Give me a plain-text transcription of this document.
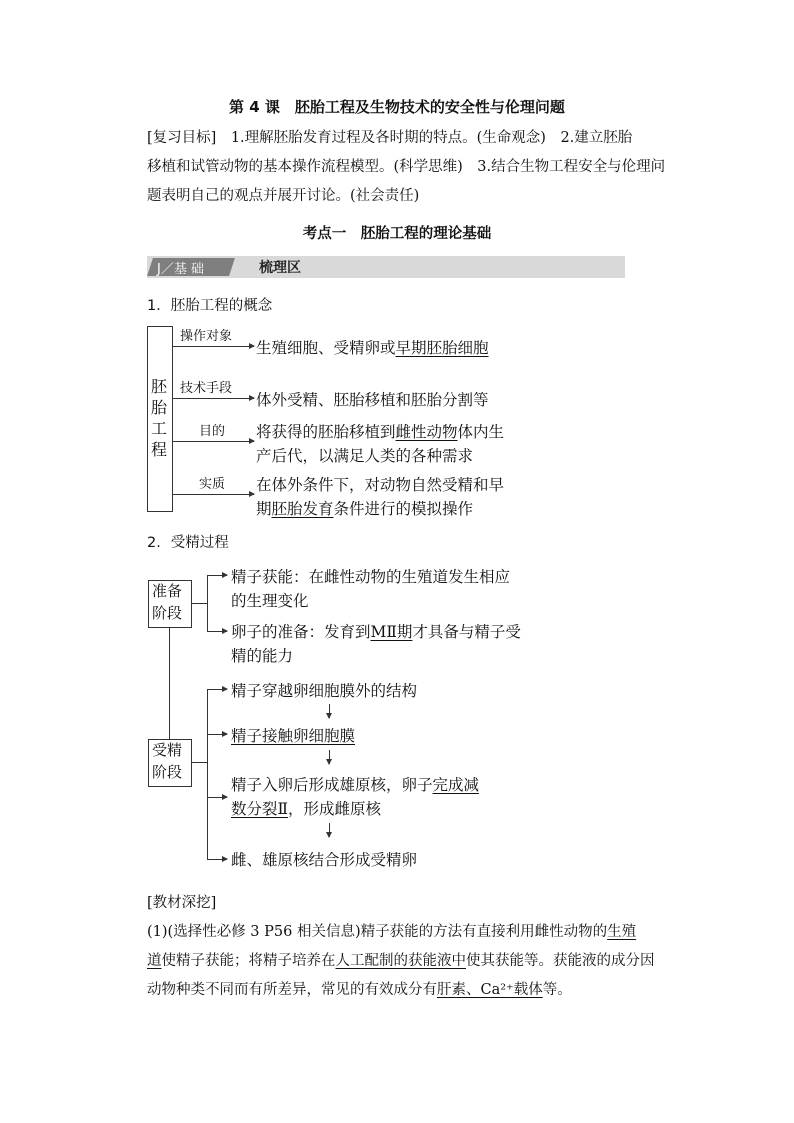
第 4 课　胚胎工程及生物技术的安全性与伦理问题
[复习目标]　1.理解胚胎发育过程及各时期的特点。(生命观念)　2.建立胚胎
移植和试管动物的基本操作流程模型。(科学思维)　3.结合生物工程安全与伦理问
题表明自己的观点并展开讨论。(社会责任)
考点一　胚胎工程的理论基础
J／基 础	梳理区
1．胚胎工程的概念
胚
胎
工
程
操作对象
生殖细胞、受精卵或早期胚胎细胞
技术手段
体外受精、胚胎移植和胚胎分割等
目的 将获得的胚胎移植到雌性动物体内生
产后代，以满足人类的各种需求
实质 在体外条件下，对动物自然受精和早
期胚胎发育条件进行的模拟操作
2．受精过程
准备
阶段
精子获能：在雌性动物的生殖道发生相应
的生理变化
卵子的准备：发育到MⅡ期才具备与精子受
精的能力
受精
阶段
精子穿越卵细胞膜外的结构
精子接触卵细胞膜
精子入卵后形成雄原核，卵子完成减
数分裂Ⅱ，形成雌原核
雌、雄原核结合形成受精卵
[教材深挖]
(1)(选择性必修 3 P56 相关信息)精子获能的方法有直接利用雌性动物的生殖
道使精子获能；将精子培养在人工配制的获能液中使其获能等。获能液的成分因
动物种类不同而有所差异，常见的有效成分有肝素、Ca²⁺载体等。
